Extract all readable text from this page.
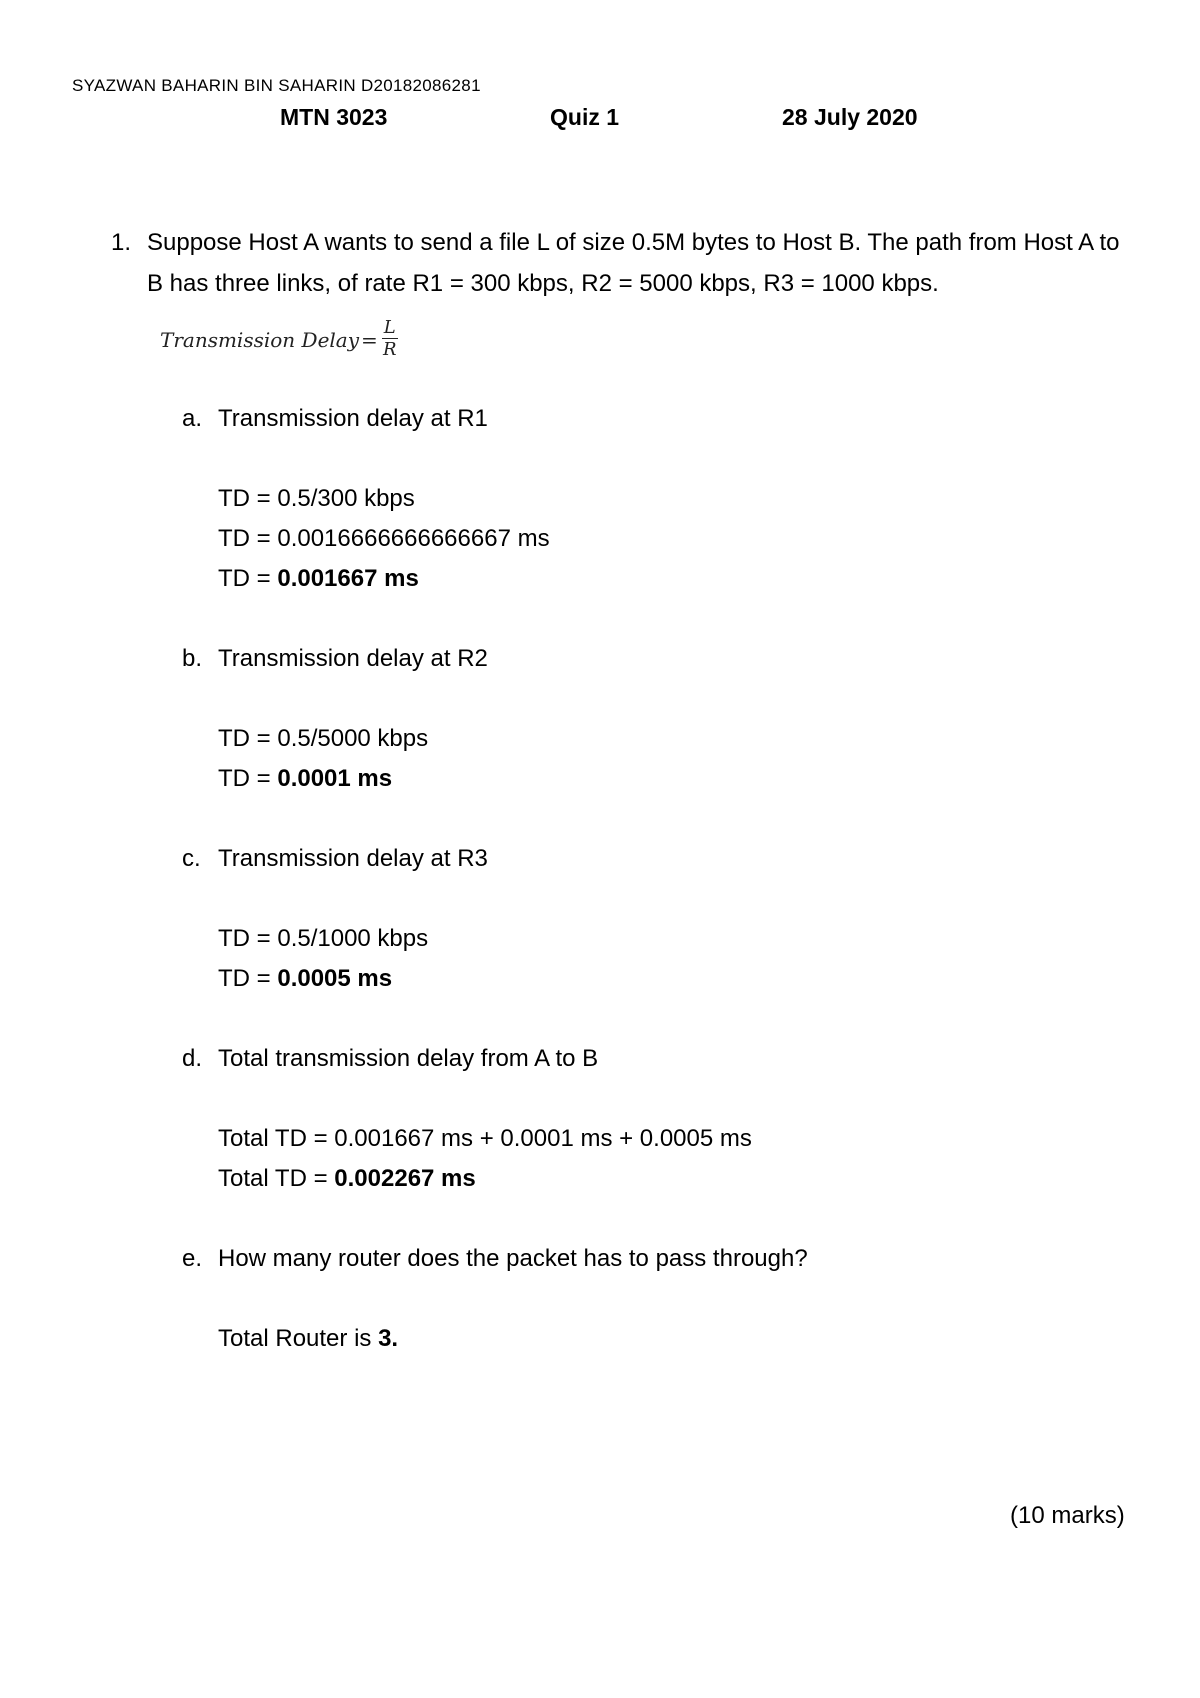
SYAZWAN BAHARIN BIN SAHARIN D20182086281
MTN 3023	Quiz 1	28 July 2020
1. Suppose Host A wants to send a file L of size 0.5M bytes to Host B. The path from Host A to B has three links, of rate R1 = 300 kbps, R2 = 5000 kbps, R3 = 1000 kbps.
Transmission Delay = $\frac{L}{R}$
a. Transmission delay at R1
TD = 0.5/300 kbps
TD = 0.0016666666666667 ms
TD = 0.001667 ms
b. Transmission delay at R2
TD = 0.5/5000 kbps
TD = 0.0001 ms
c. Transmission delay at R3
TD = 0.5/1000 kbps
TD = 0.0005 ms
d. Total transmission delay from A to B
Total TD = 0.001667 ms + 0.0001 ms + 0.0005 ms
Total TD = 0.002267 ms
e. How many router does the packet has to pass through?
Total Router is 3.
(10 marks)
